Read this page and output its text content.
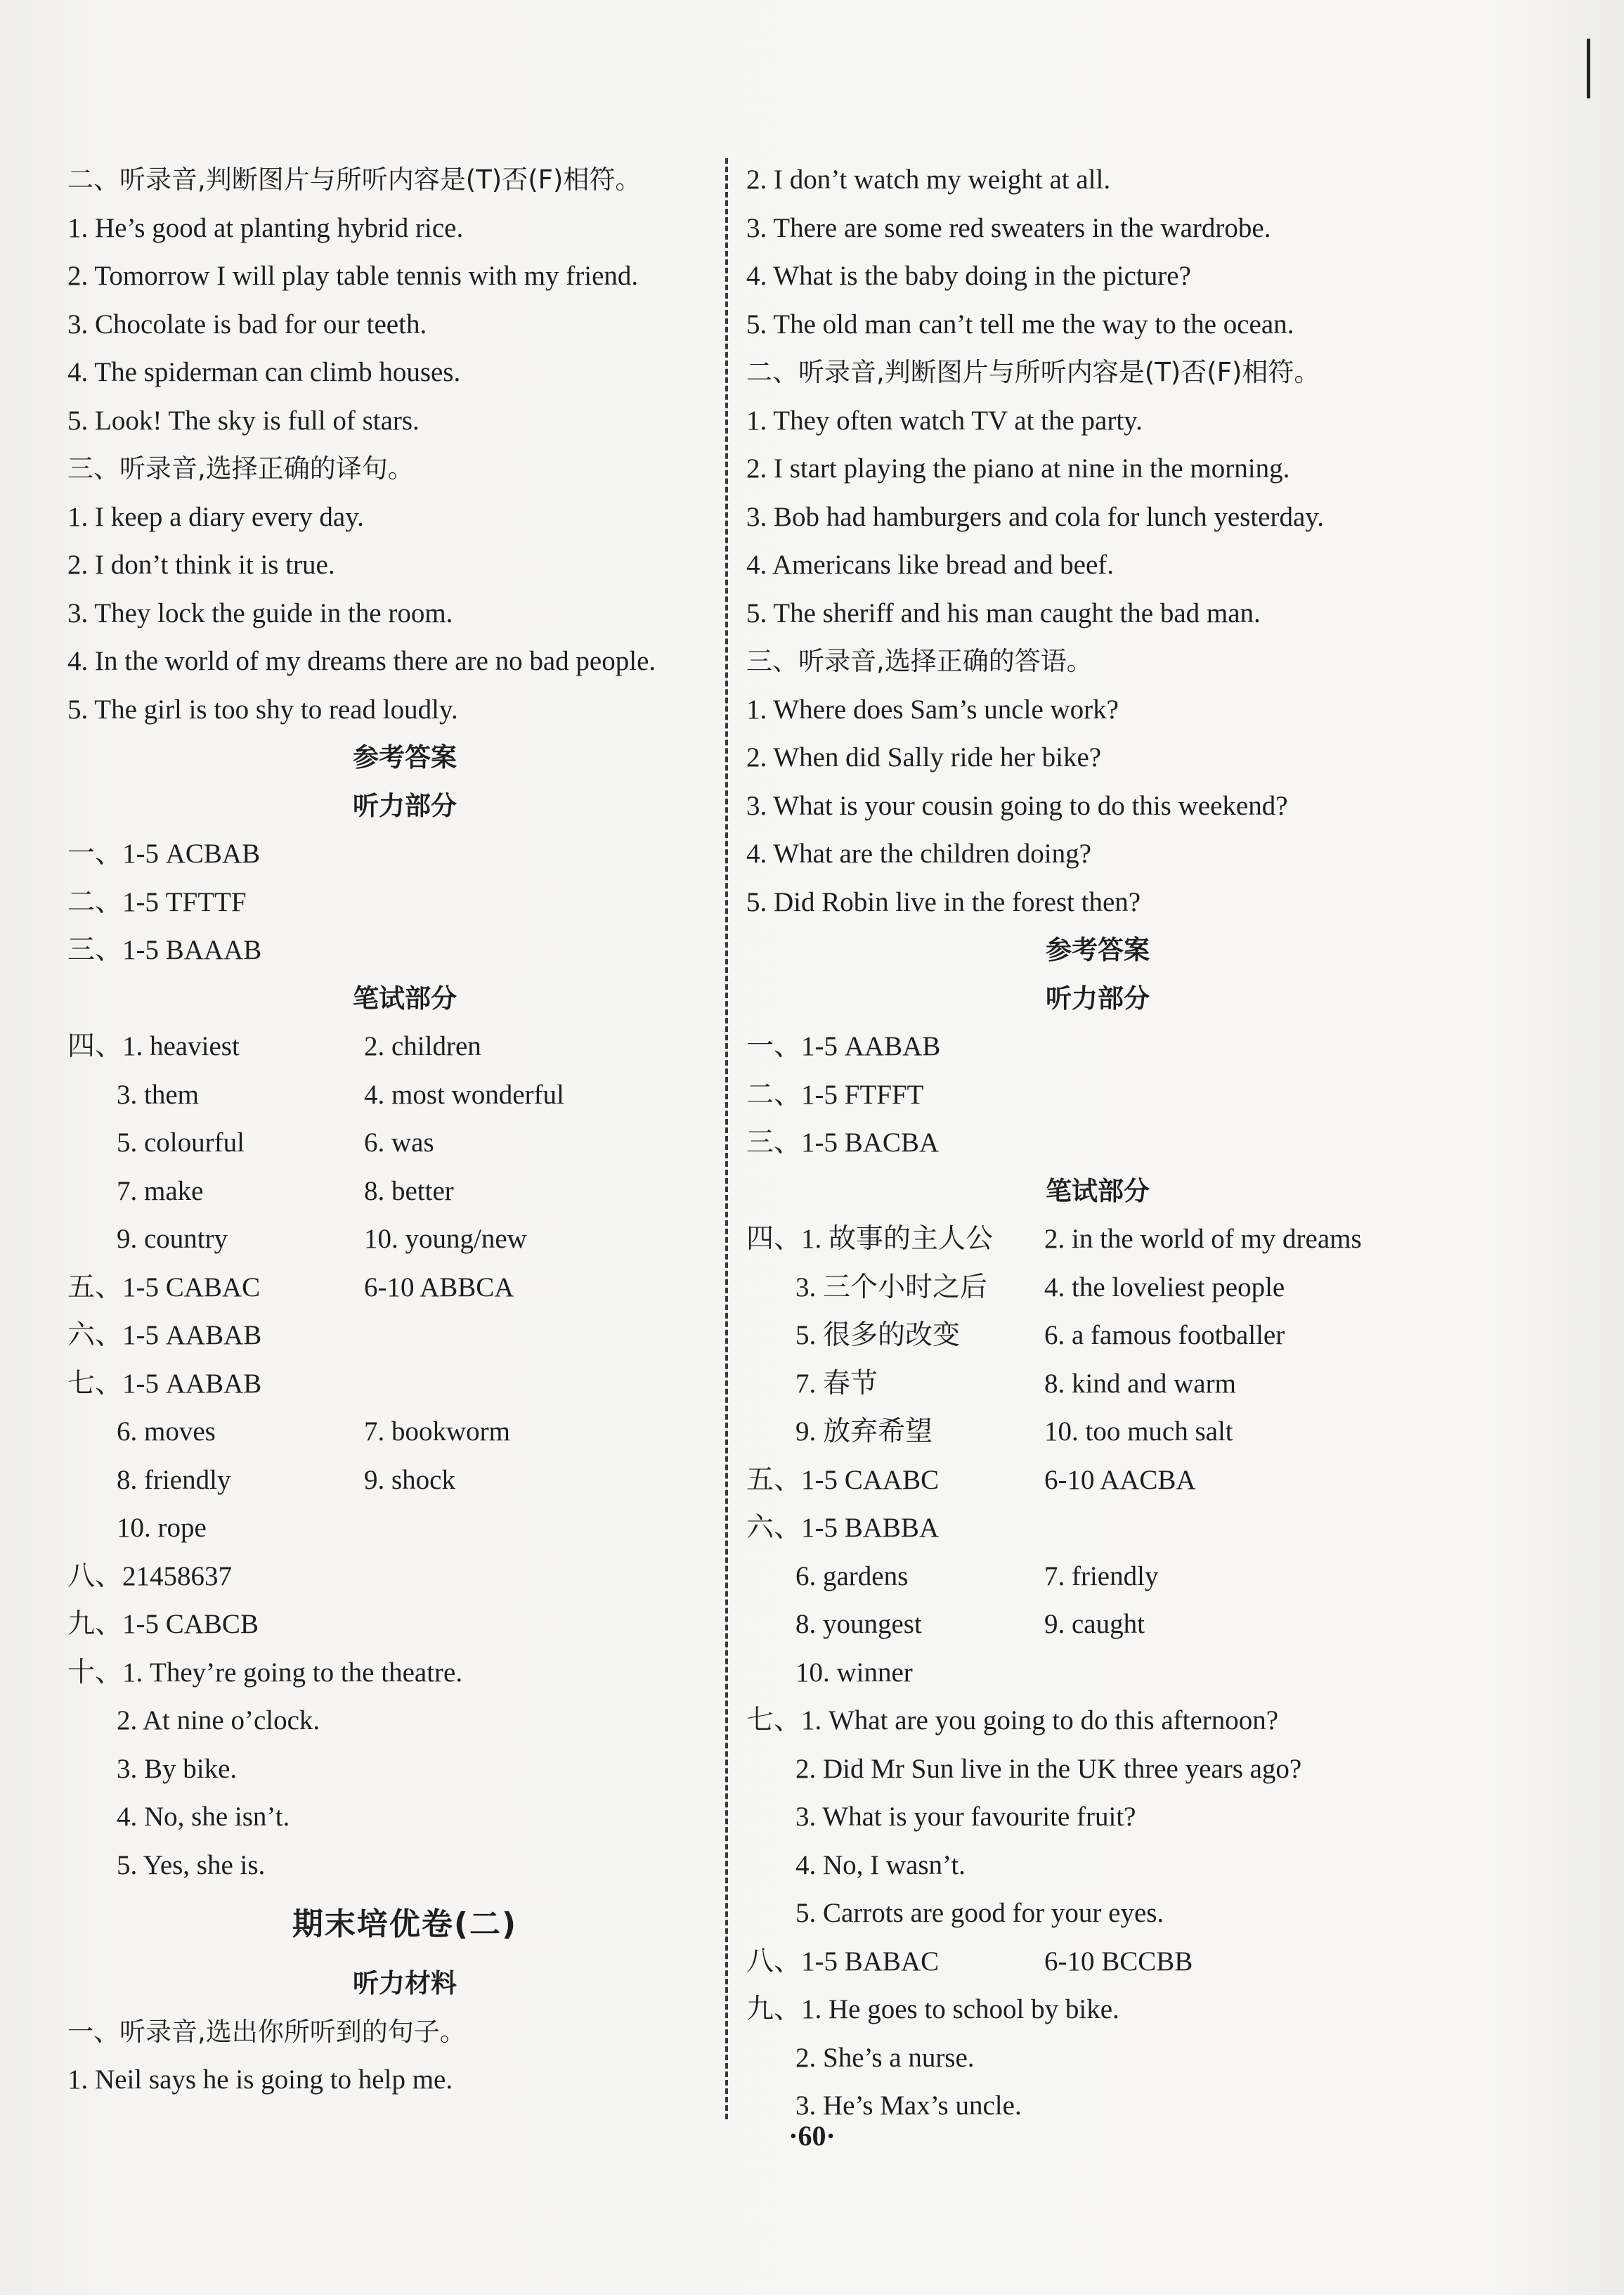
二、听录音,判断图片与所听内容是(T)否(F)相符。
1. He’s good at planting hybrid rice.
2. Tomorrow I will play table tennis with my friend.
3. Chocolate is bad for our teeth.
4. The spiderman can climb houses.
5. Look! The sky is full of stars.
三、听录音,选择正确的译句。
1. I keep a diary every day.
2. I don’t think it is true.
3. They lock the guide in the room.
4. In the world of my dreams there are no bad people.
5. The girl is too shy to read loudly.
参考答案
听力部分
一、1-5 ACBAB
二、1-5 TFTTF
三、1-5 BAAAB
笔试部分
四、1. heaviest	2. children
3. them	4. most wonderful
5. colourful	6. was
7. make	8. better
9. country	10. young/new
五、1-5 CABAC	6-10 ABBCA
六、1-5 AABAB
七、1-5 AABAB
6. moves	7. bookworm
8. friendly	9. shock
10. rope
八、21458637
九、1-5 CABCB
十、1. They’re going to the theatre.
2. At nine o’clock.
3. By bike.
4. No, she isn’t.
5. Yes, she is.
期末培优卷(二)
听力材料
一、听录音,选出你所听到的句子。
1. Neil says he is going to help me.
2. I don’t watch my weight at all.
3. There are some red sweaters in the wardrobe.
4. What is the baby doing in the picture?
5. The old man can’t tell me the way to the ocean.
二、听录音,判断图片与所听内容是(T)否(F)相符。
1. They often watch TV at the party.
2. I start playing the piano at nine in the morning.
3. Bob had hamburgers and cola for lunch yesterday.
4. Americans like bread and beef.
5. The sheriff and his man caught the bad man.
三、听录音,选择正确的答语。
1. Where does Sam’s uncle work?
2. When did Sally ride her bike?
3. What is your cousin going to do this weekend?
4. What are the children doing?
5. Did Robin live in the forest then?
参考答案
听力部分
一、1-5 AABAB
二、1-5 FTFFT
三、1-5 BACBA
笔试部分
四、1. 故事的主人公 2. in the world of my dreams
3. 三个小时之后 4. the loveliest people
5. 很多的改变	6. a famous footballer
7. 春节	8. kind and warm
9. 放弃希望	10. too much salt
五、1-5 CAABC	6-10 AACBA
六、1-5 BABBA
6. gardens	7. friendly
8. youngest	9. caught
10. winner
七、1. What are you going to do this afternoon?
2. Did Mr Sun live in the UK three years ago?
3. What is your favourite fruit?
4. No, I wasn’t.
5. Carrots are good for your eyes.
八、1-5 BABAC	6-10 BCCBB
九、1. He goes to school by bike.
2. She’s a nurse.
3. He’s Max’s uncle.
·60·
